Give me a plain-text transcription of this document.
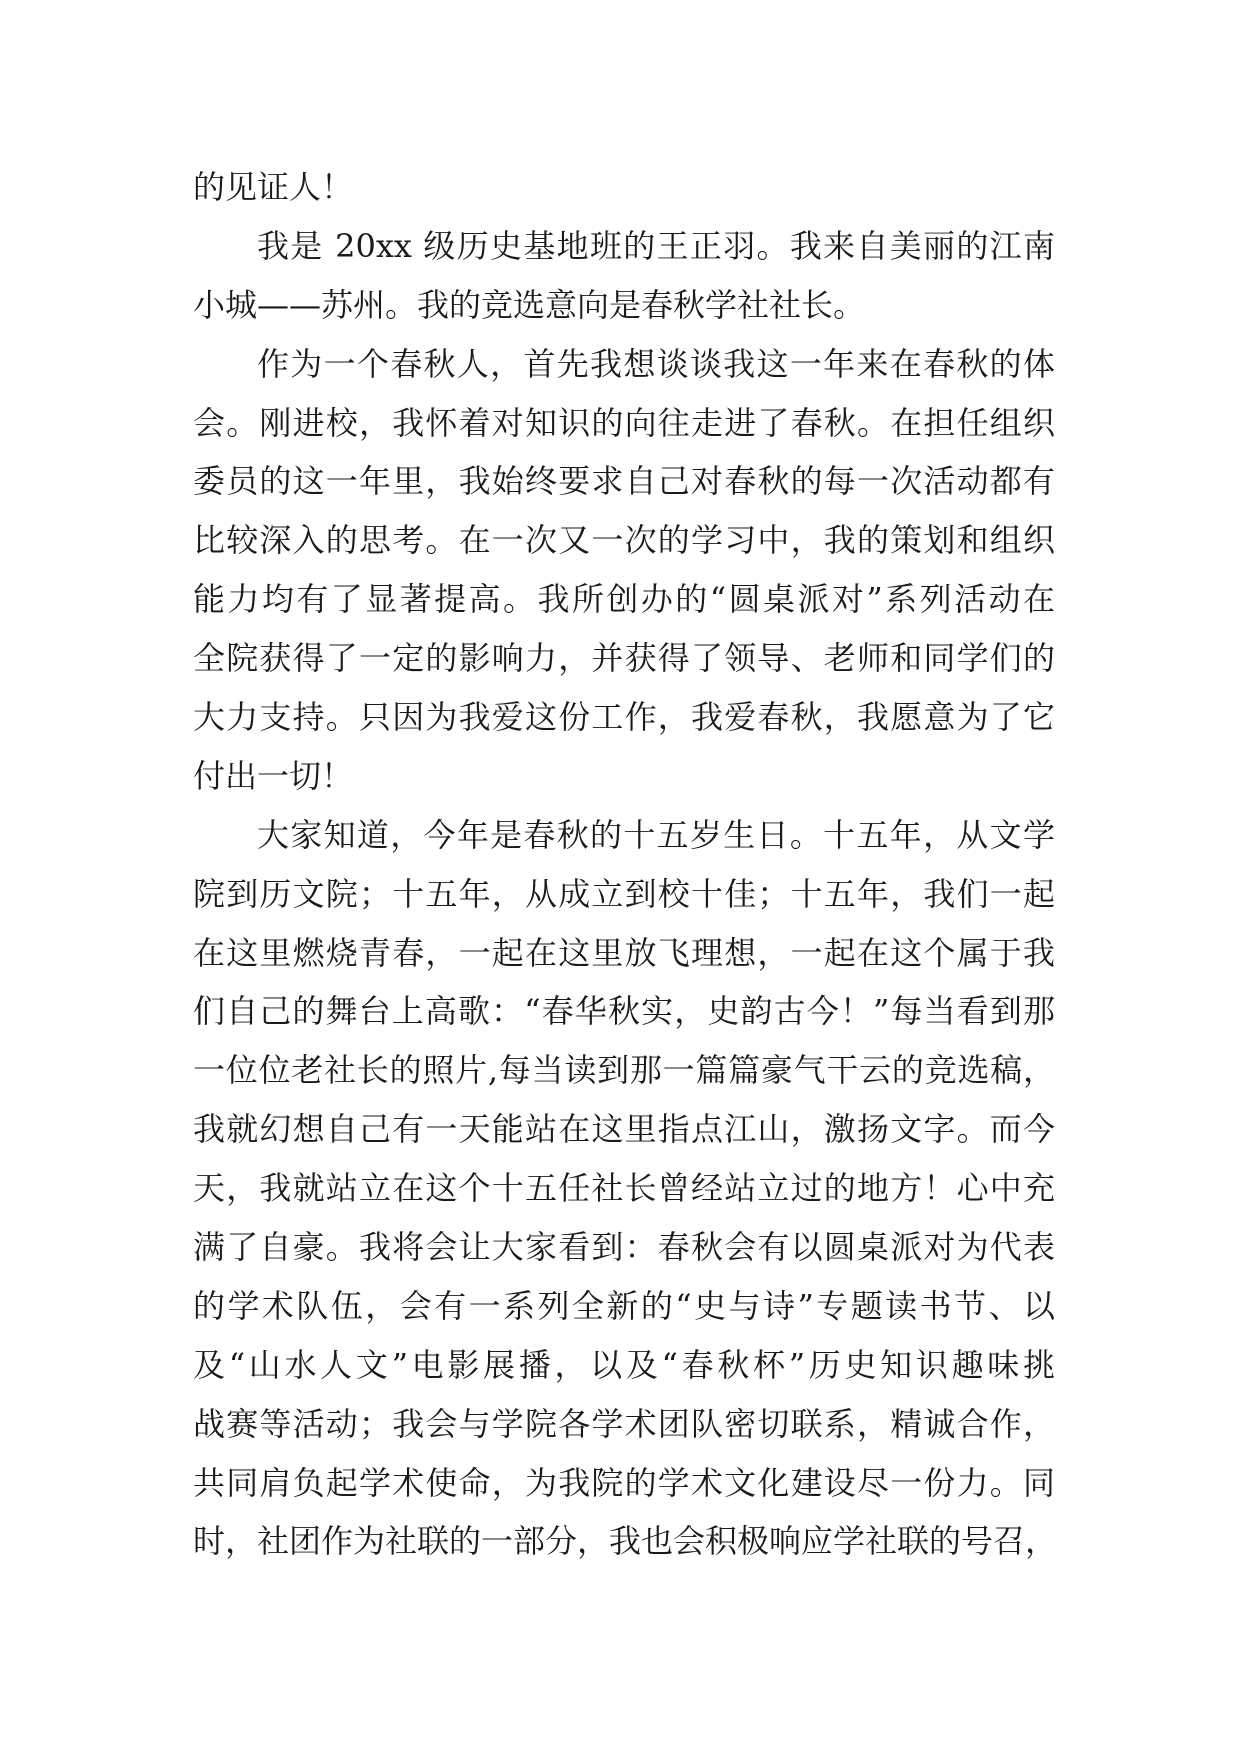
的见证人！
我是 20xx 级历史基地班的王正羽。我来自美丽的江南
小城——苏州。我的竞选意向是春秋学社社长。
作为一个春秋人，首先我想谈谈我这一年来在春秋的体
会。刚进校，我怀着对知识的向往走进了春秋。在担任组织
委员的这一年里，我始终要求自己对春秋的每一次活动都有
比较深入的思考。在一次又一次的学习中，我的策划和组织
能力均有了显著提高。我所创办的“圆桌派对”系列活动在
全院获得了一定的影响力，并获得了领导、老师和同学们的
大力支持。只因为我爱这份工作，我爱春秋，我愿意为了它
付出一切！
大家知道，今年是春秋的十五岁生日。十五年，从文学
院到历文院；十五年，从成立到校十佳；十五年，我们一起
在这里燃烧青春，一起在这里放飞理想，一起在这个属于我
们自己的舞台上高歌：“春华秋实，史韵古今！”每当看到那
一位位老社长的照片,每当读到那一篇篇豪气干云的竞选稿，
我就幻想自己有一天能站在这里指点江山，激扬文字。而今
天，我就站立在这个十五任社长曾经站立过的地方！心中充
满了自豪。我将会让大家看到：春秋会有以圆桌派对为代表
的学术队伍，会有一系列全新的“史与诗”专题读书节、以
及“山水人文”电影展播，以及“春秋杯”历史知识趣味挑
战赛等活动；我会与学院各学术团队密切联系，精诚合作，
共同肩负起学术使命，为我院的学术文化建设尽一份力。同
时，社团作为社联的一部分，我也会积极响应学社联的号召，
